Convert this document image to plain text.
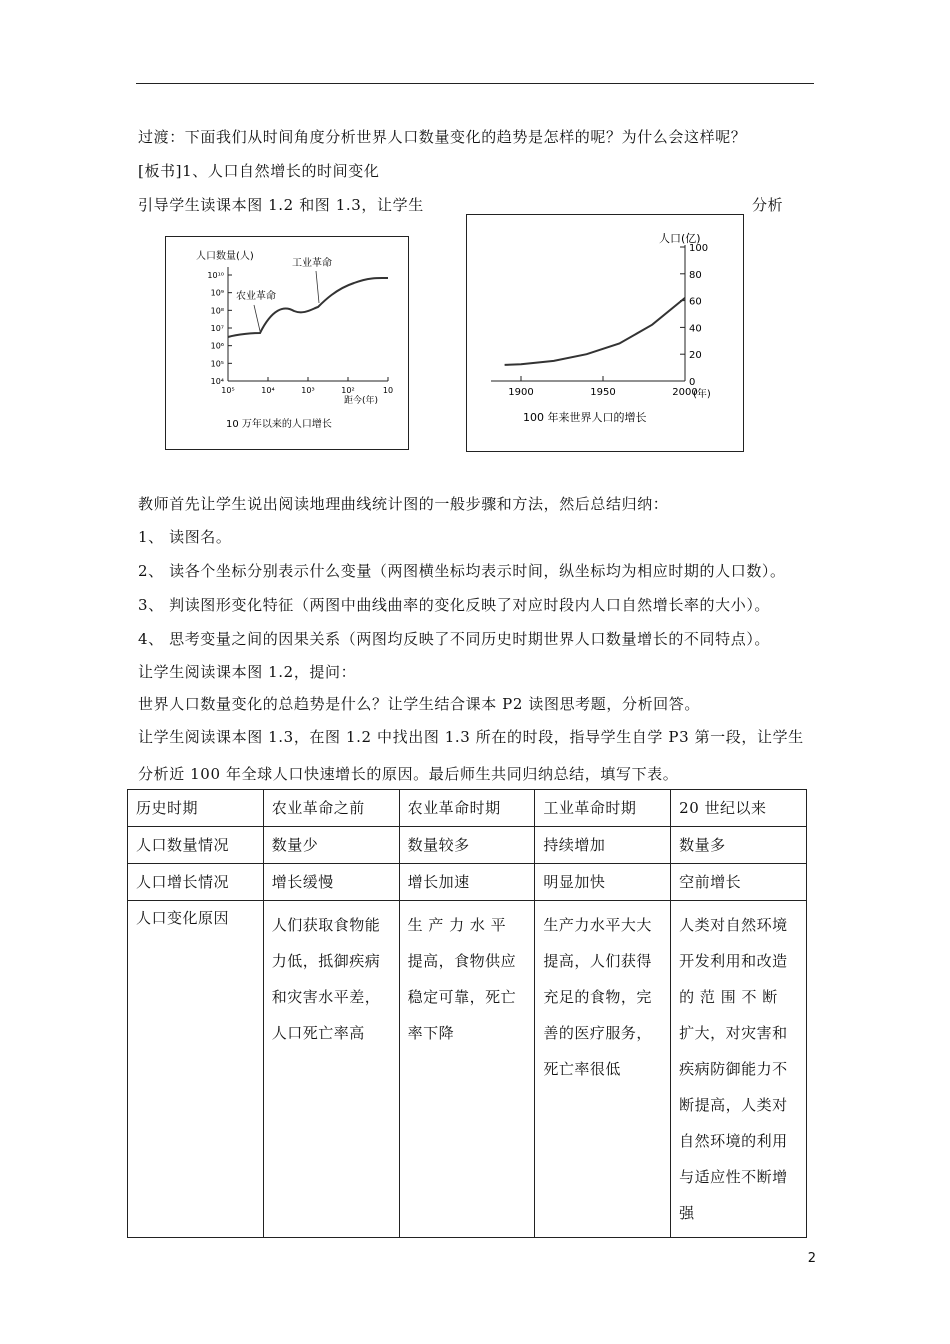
过渡：下面我们从时间角度分析世界人口数量变化的趋势是怎样的呢？为什么会这样呢？
[板书]1、人口自然增长的时间变化
引导学生读课本图 1.2 和图 1.3，让学生	分析
人口数量(人)
10⁴
10⁵
10⁶
10⁷
10⁸
10⁹
10¹⁰
10⁵	10⁴	10³	10²	10
农业革命
工业革命
距今(年)
10 万年以来的人口增长
人口(亿)
0
20
40
60
80
100
1900	1950	2000
(年)
100 年来世界人口的增长
教师首先让学生说出阅读地理曲线统计图的一般步骤和方法，然后总结归纳：
1、 读图名。
2、 读各个坐标分别表示什么变量（两图横坐标均表示时间，纵坐标均为相应时期的人口数）。
3、 判读图形变化特征（两图中曲线曲率的变化反映了对应时段内人口自然增长率的大小）。
4、 思考变量之间的因果关系（两图均反映了不同历史时期世界人口数量增长的不同特点）。
让学生阅读课本图 1.2，提问：
世界人口数量变化的总趋势是什么？让学生结合课本 P2 读图思考题，分析回答。
让学生阅读课本图 1.3，在图 1.2 中找出图 1.3 所在的时段，指导学生自学 P3 第一段，让学生
分析近 100 年全球人口快速增长的原因。最后师生共同归纳总结，填写下表。
历史时期	农业革命之前	农业革命时期	工业革命时期	20 世纪以来
人口数量情况	数量少	数量较多	持续增加	数量多
人口增长情况	增长缓慢	增长加速	明显加快	空前增长
人口变化原因	人们获取食物能力低，抵御疾病和灾害水平差，人口死亡率高	生 产 力 水 平 提高，食物供应稳定可靠，死亡率下降	生产力水平大大提高，人们获得充足的食物，完善的医疗服务，死亡率很低	人类对自然环境开发利用和改造的 范 围 不 断 扩大，对灾害和疾病防御能力不断提高，人类对自然环境的利用与适应性不断增强
2
